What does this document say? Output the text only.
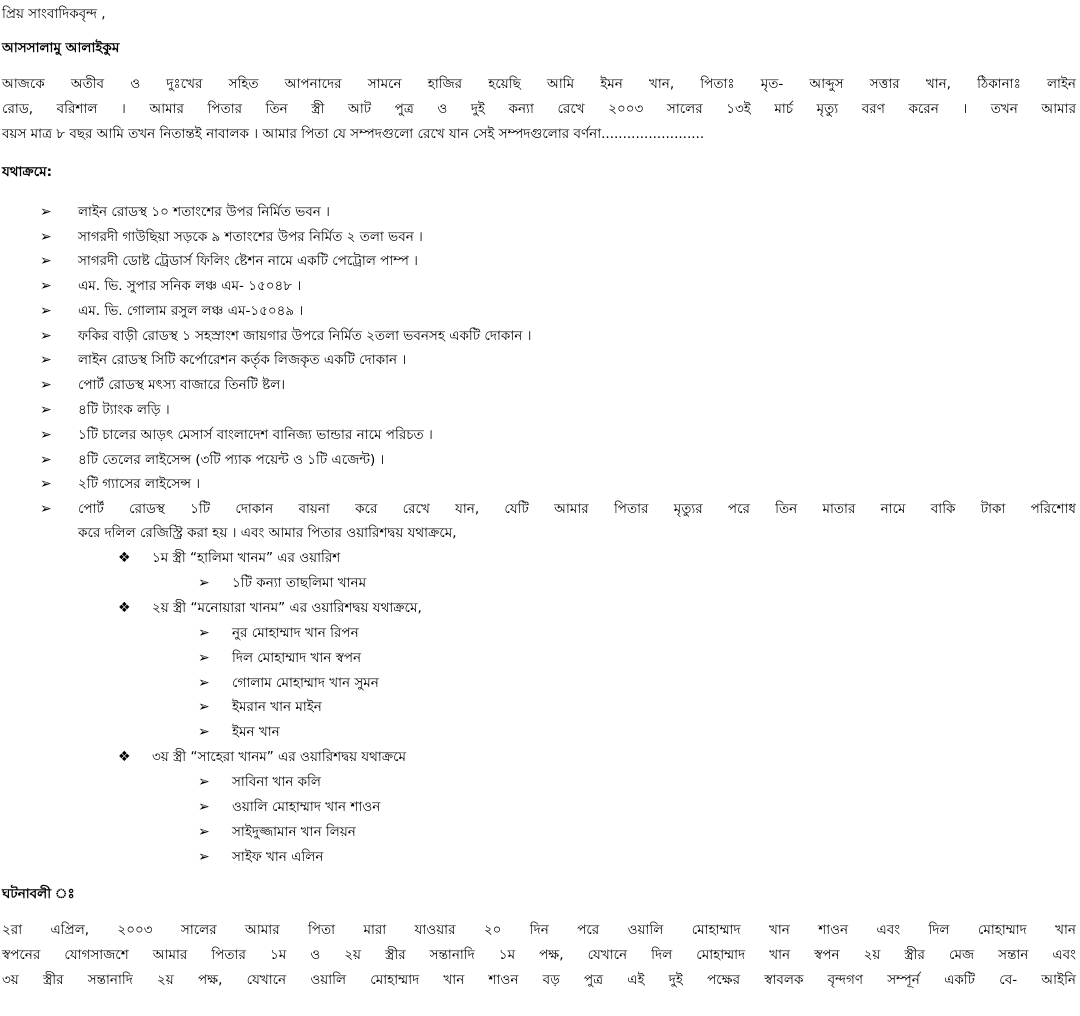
প্রিয় সাংবাদিকবৃন্দ ,
আসসালামু আলাইকুম
আজকে অতীব ও দুঃখের সহিত আপনাদের সামনে হাজির হয়েছি আমি ইমন খান, পিতাঃ মৃত- আব্দুস সত্তার খান, ঠিকানাঃ লাইন
রোড, বরিশাল । আমার পিতার তিন স্ত্রী আট পুত্র ও দুই কন্যা রেখে ২০০৩ সালের ১৩ই মার্চ মৃত্যু বরণ করেন । তখন আমার
বয়স মাত্র ৮ বছর আমি তখন নিতান্তই নাবালক । আমার পিতা যে সম্পদগুলো রেখে যান সেই সম্পদগুলোর বর্ণনা........................
যথাক্রমে:
➢ লাইন রোডস্থ ১০ শতাংশের উপর নির্মিত ভবন ।
➢ সাগরদী গাউছিয়া সড়কে ৯ শতাংশের উপর নির্মিত ২ তলা ভবন ।
➢ সাগরদী ডোষ্ট ট্রেডার্স ফিলিং ষ্টেশন নামে একটি পেট্রোল পাম্প ।
➢ এম. ভি. সুপার সনিক লঞ্চ এম- ১৫০৪৮ ।
➢ এম. ভি. গোলাম রসুল লঞ্চ এম-১৫০৪৯ ।
➢ ফকির বাড়ী রোডস্থ ১ সহস্রাংশ জায়গার উপরে নির্মিত ২তলা ভবনসহ একটি দোকান ।
➢ লাইন রোডস্থ সিটি কর্পোরেশন কর্তৃক লিজকৃত একটি দোকান ।
➢ পোর্ট রোডস্থ মৎস্য বাজারে তিনটি ষ্টল।
➢ ৪টি ট্যাংক লড়ি ।
➢ ১টি চালের আড়ৎ মেসার্স বাংলাদেশ বানিজ্য ভান্ডার নামে পরিচত ।
➢ ৪টি তেলের লাইসেন্স (৩টি প্যাক পয়েন্ট ও ১টি এজেন্ট) ।
➢ ২টি গ্যাসের লাইসেন্স ।
➢ পোর্ট রোডস্থ ১টি দোকান বায়না করে রেখে যান, যেটি আমার পিতার মৃত্যুর পরে তিন মাতার নামে বাকি টাকা পরিশোধ
করে দলিল রেজিস্ট্রি করা হয় । এবং আমার পিতার ওয়ারিশদ্বয় যথাক্রমে,
❖ ১ম স্ত্রী “হালিমা খানম” এর ওয়ারিশ
➢ ১টি কন্যা তাছলিমা খানম
❖ ২য় স্ত্রী “মনোয়ারা খানম” এর ওয়ারিশদ্বয় যথাক্রমে,
➢ নুর মোহাম্মাদ খান রিপন
➢ দিল মোহাম্মাদ খান স্বপন
➢ গোলাম মোহাম্মাদ খান সুমন
➢ ইমরান খান মাইন
➢ ইমন খান
❖ ৩য় স্ত্রী “সাহেরা খানম” এর ওয়ারিশদ্বয় যথাক্রমে
➢ সাবিনা খান কলি
➢ ওয়ালি মোহাম্মাদ খান শাওন
➢ সাইদুজ্জামান খান লিয়ন
➢ সাইফ খান এলিন
ঘটনাবলী ঃ
২রা এপ্রিল, ২০০৩ সালের আমার পিতা মারা যাওয়ার ২০ দিন পরে ওয়ালি মোহাম্মাদ খান শাওন এবং দিল মোহাম্মাদ খান
স্বপনের যোগসাজশে আমার পিতার ১ম ও ২য় স্ত্রীর সন্তানাদি ১ম পক্ষ, যেখানে দিল মোহাম্মাদ খান স্বপন ২য় স্ত্রীর মেজ সন্তান এবং
৩য় স্ত্রীর সন্তানাদি ২য় পক্ষ, যেখানে ওয়ালি মোহাম্মাদ খান শাওন বড় পুত্র এই দুই পক্ষের স্বাবলক বৃন্দগণ সম্পূর্ন একটি বে- আইনি
